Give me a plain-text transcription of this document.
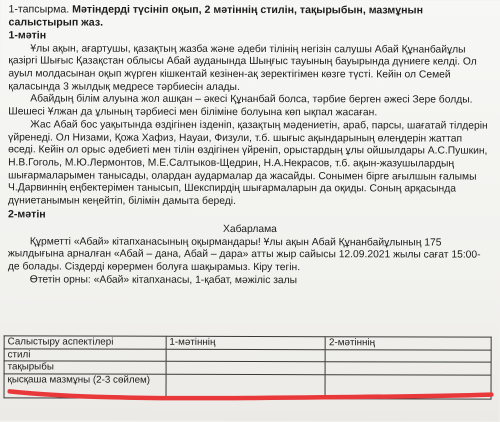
1-тапсырма. Мәтіндерді түсініп оқып, 2 мәтіннің стилін, тақырыбын, мазмұнын салыстырып жаз.

1-мәтін

Ұлы ақын, ағартушы, қазақтың жазба және әдеби тілінің негізін салушы Абай Құнанбайұлы қазіргі Шығыс Қазақстан облысы Абай ауданында Шыңғыс тауының бауырында дүниеге келді. Ол ауыл молдасынан оқып жүрген кішкентай кезінен-ақ зеректігімен көзге түсті. Кейін ол Семей қаласында 3 жылдық медресе тәрбиесін алады.

Абайдың білім алуына жол ашқан – әкесі Құнанбай болса, тәрбие берген әжесі Зере болды. Шешесі Ұлжан да ұлының тәрбиесі мен біліміне болуына көп ықпал жасаған.

Жас Абай бос уақытында өздігінен ізденіп, қазақтың мәдениетін, араб, парсы, шағатай тілдерін үйренеді. Ол Низами, Қожа Хафиз, Науаи, Физули, т.б. шығыс ақындарының өлеңдерін жаттап өседі. Кейін ол орыс әдебиеті мен тілін өздігінен үйреніп, орыстардың ұлы ойшылдары А.С.Пушкин, Н.В.Гоголь, М.Ю.Лермонтов, М.Е.Салтыков-Щедрин, Н.А.Некрасов, т.б. ақын-жазушылардың шығармаларымен танысады, олардан аудармалар да жасайды. Сонымен бірге ағылшын ғалымы Ч.Дарвиннің еңбектерімен танысып, Шекспирдің шығармаларын да оқиды. Соның арқасында дүниетанымын кеңейтіп, білімін дамыта береді.

2-мәтін

Хабарлама

Құрметті «Абай» кітапханасының оқырмандары! Ұлы ақын Абай Құнанбайұлының 175 жылдығына арналған «Абай – дана, Абай – дара» атты жыр сайысы 12.09.2021 жылы сағат 15:00-де болады. Сіздерді көрермен болуға шақырамыз. Кіру тегін.

Өтетін орны: «Абай» кітапханасы, 1-қабат, мәжіліс залы

Салыстыру аспектілері	1-мәтіннің	2-мәтіннің
стилі		
тақырыбы		
қысқаша мазмұны (2-3 сөйлем)		
